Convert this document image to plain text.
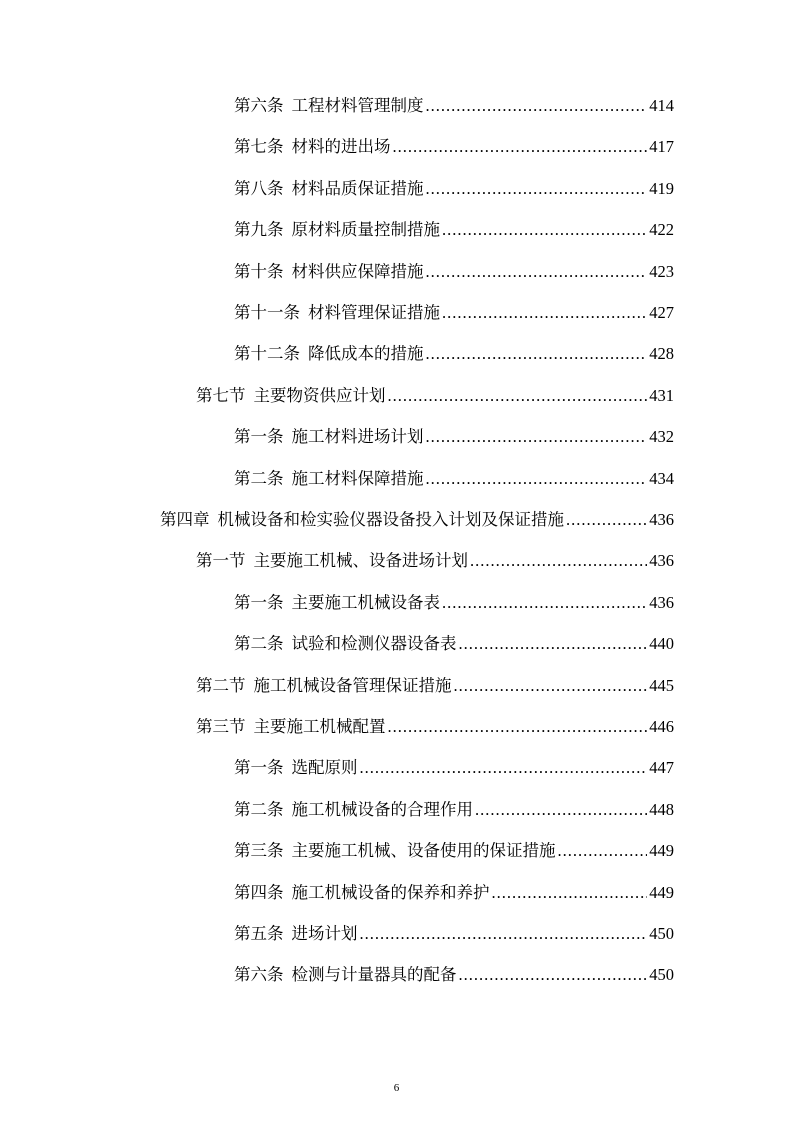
第六条 工程材料管理制度 .....	414
第七条 材料的进出场 .....	417
第八条 材料品质保证措施 .....	419
第九条 原材料质量控制措施 .....	422
第十条 材料供应保障措施 .....	423
第十一条 材料管理保证措施 .....	427
第十二条 降低成本的措施 .....	428
第七节 主要物资供应计划 .....	431
第一条 施工材料进场计划 .....	432
第二条 施工材料保障措施 .....	434
第四章 机械设备和检实验仪器设备投入计划及保证措施 .....	436
第一节 主要施工机械、设备进场计划 .....	436
第一条 主要施工机械设备表 .....	436
第二条 试验和检测仪器设备表 .....	440
第二节 施工机械设备管理保证措施 .....	445
第三节 主要施工机械配置 .....	446
第一条 选配原则 .....	447
第二条 施工机械设备的合理作用 .....	448
第三条 主要施工机械、设备使用的保证措施 .....	449
第四条 施工机械设备的保养和养护 .....	449
第五条 进场计划 .....	450
第六条 检测与计量器具的配备 .....	450
6
